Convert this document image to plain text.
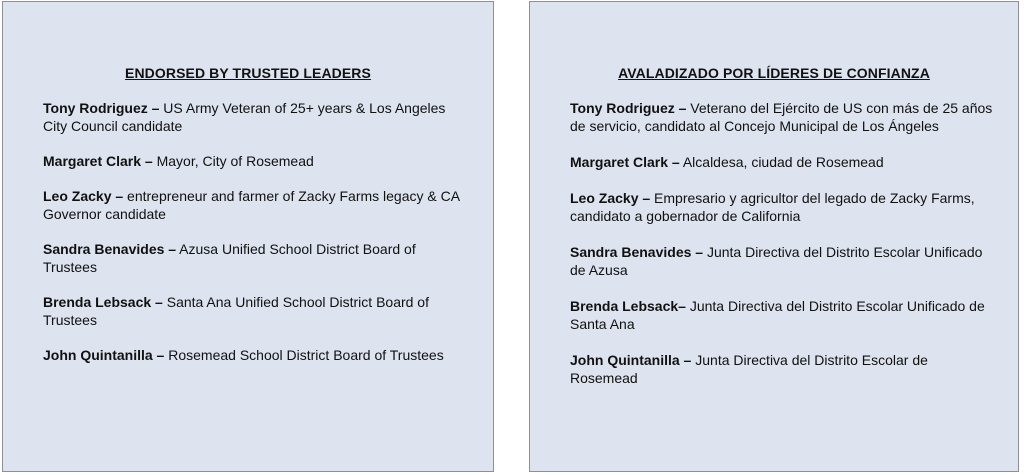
ENDORSED BY TRUSTED LEADERS
Tony Rodriguez – US Army Veteran of 25+ years & Los Angeles City Council candidate
Margaret Clark – Mayor, City of Rosemead
Leo Zacky – entrepreneur and farmer of Zacky Farms legacy & CA Governor candidate
Sandra Benavides – Azusa Unified School District Board of Trustees
Brenda Lebsack – Santa Ana Unified School District Board of Trustees
John Quintanilla – Rosemead School District Board of Trustees
AVALADIZADO POR LÍDERES DE CONFIANZA
Tony Rodriguez – Veterano del Ejército de US con más de 25 años de servicio, candidato al Concejo Municipal de Los Ángeles
Margaret Clark – Alcaldesa, ciudad de Rosemead
Leo Zacky – Empresario y agricultor del legado de Zacky Farms, candidato a gobernador de California
Sandra Benavides – Junta Directiva del Distrito Escolar Unificado de Azusa
Brenda Lebsack– Junta Directiva del Distrito Escolar Unificado de Santa Ana
John Quintanilla – Junta Directiva del Distrito Escolar de Rosemead
